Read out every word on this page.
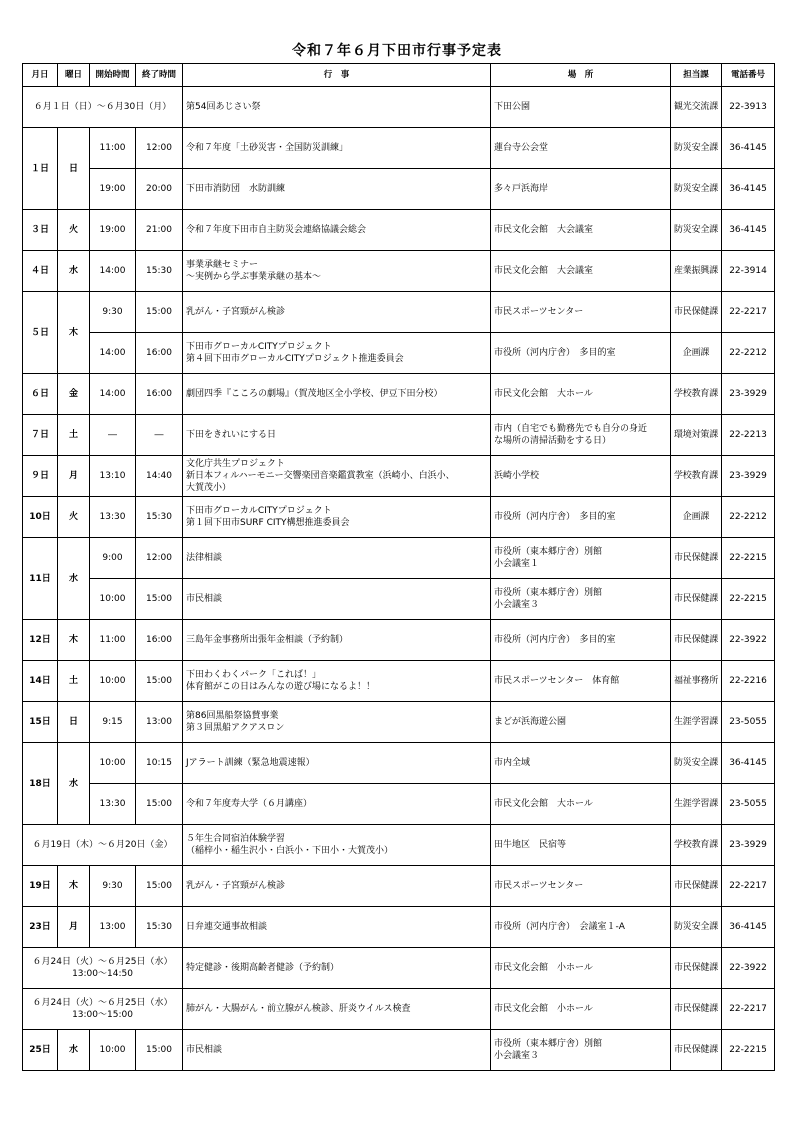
令和７年６月下田市行事予定表
月日	曜日	開始時間	終了時間	行　事	場　所	担当課	電話番号
６月１日（日）～６月30日（月）				第54回あじさい祭	下田公園	観光交流課	22-3913
１日	日	11:00	12:00	令和７年度「土砂災害・全国防災訓練」	蓮台寺公会堂	防災安全課	36-4145
		19:00	20:00	下田市消防団　水防訓練	多々戸浜海岸	防災安全課	36-4145
３日	火	19:00	21:00	令和７年度下田市自主防災会連絡協議会総会	市民文化会館　大会議室	防災安全課	36-4145
４日	水	14:00	15:30	事業承継セミナー
～実例から学ぶ事業承継の基本～	市民文化会館　大会議室	産業振興課	22-3914
５日	木	9:30	15:00	乳がん・子宮頸がん検診	市民スポーツセンター	市民保健課	22-2217
		14:00	16:00	下田市グローカルCITYプロジェクト
第４回下田市グローカルCITYプロジェクト推進委員会	市役所（河内庁舎）　多目的室	企画課	22-2212
６日	金	14:00	16:00	劇団四季『こころの劇場』（賀茂地区全小学校、伊豆下田分校）	市民文化会館　大ホール	学校教育課	23-3929
７日	土	―	―	下田をきれいにする日	市内（自宅でも勤務先でも自分の身近
な場所の清掃活動をする日）	環境対策課	22-2213
９日	月	13:10	14:40	文化庁共生プロジェクト
新日本フィルハーモニー交響楽団音楽鑑賞教室（浜崎小、白浜小、
大賀茂小）	浜崎小学校	学校教育課	23-3929
10日	火	13:30	15:30	下田市グローカルCITYプロジェクト
第１回下田市SURF CITY構想推進委員会	市役所（河内庁舎）　多目的室	企画課	22-2212
11日	水	9:00	12:00	法律相談	市役所（東本郷庁舎）別館
小会議室１	市民保健課	22-2215
		10:00	15:00	市民相談	市役所（東本郷庁舎）別館
小会議室３	市民保健課	22-2215
12日	木	11:00	16:00	三島年金事務所出張年金相談（予約制）	市役所（河内庁舎）　多目的室	市民保健課	22-3922
14日	土	10:00	15:00	下田わくわくパーク「これば！」
体育館がこの日はみんなの遊び場になるよ！！	市民スポーツセンター　体育館	福祉事務所	22-2216
15日	日	9:15	13:00	第86回黒船祭協賛事業
第３回黒船アクアスロン	まどが浜海遊公園	生涯学習課	23-5055
18日	水	10:00	10:15	Jアラート訓練（緊急地震速報）	市内全域	防災安全課	36-4145
		13:30	15:00	令和７年度寿大学（６月講座）	市民文化会館　大ホール	生涯学習課	23-5055
６月19日（木）～６月20日（金）				５年生合同宿泊体験学習
（稲梓小・稲生沢小・白浜小・下田小・大賀茂小）	田牛地区　民宿等	学校教育課	23-3929
19日	木	9:30	15:00	乳がん・子宮頸がん検診	市民スポーツセンター	市民保健課	22-2217
23日	月	13:00	15:30	日弁連交通事故相談	市役所（河内庁舎）　会議室１-A	防災安全課	36-4145

６月24日（火）～６月25日（水）
13:00～14:50				特定健診・後期高齢者健診（予約制）	市民文化会館　小ホール	市民保健課	22-3922

６月24日（火）～６月25日（水）
13:00～15:00				肺がん・大腸がん・前立腺がん検診、肝炎ウイルス検査	市民文化会館　小ホール	市民保健課	22-2217
25日	水	10:00	15:00	市民相談	市役所（東本郷庁舎）別館
小会議室３	市民保健課	22-2215
